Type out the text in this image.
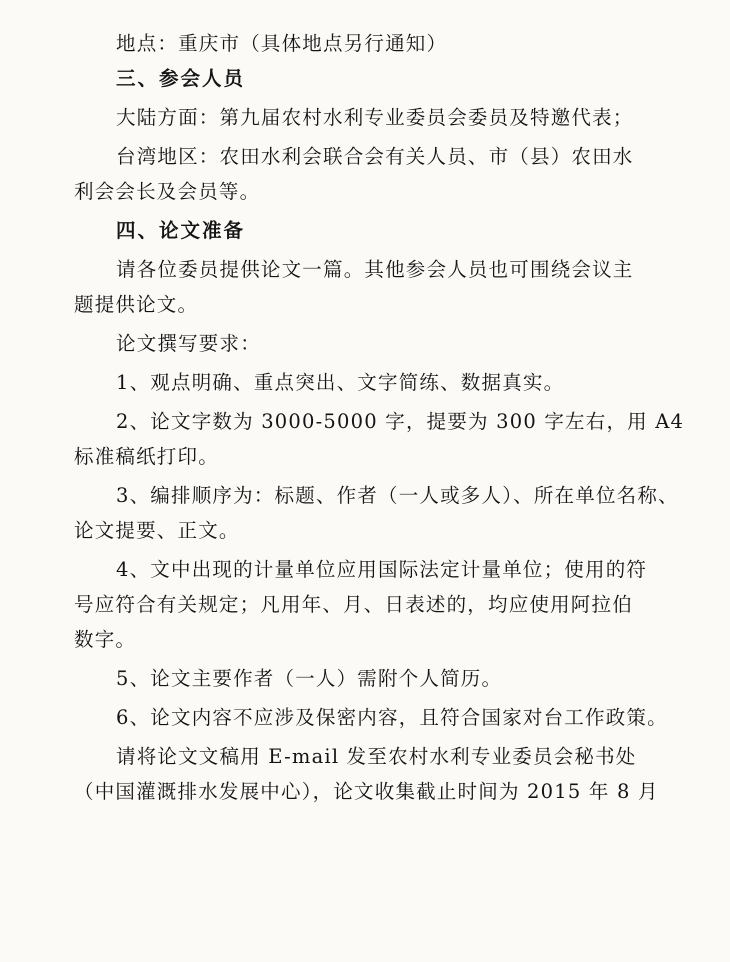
地点：重庆市（具体地点另行通知）

三、参会人员

大陆方面：第九届农村水利专业委员会委员及特邀代表；

台湾地区：农田水利会联合会有关人员、市（县）农田水

利会会长及会员等。

四、论文准备

请各位委员提供论文一篇。其他参会人员也可围绕会议主

题提供论文。

论文撰写要求：

1、观点明确、重点突出、文字简练、数据真实。

2、论文字数为 3000-5000 字，提要为 300 字左右，用 A4

标准稿纸打印。

3、编排顺序为：标题、作者（一人或多人）、所在单位名称、

论文提要、正文。

4、文中出现的计量单位应用国际法定计量单位；使用的符

号应符合有关规定；凡用年、月、日表述的，均应使用阿拉伯

数字。

5、论文主要作者（一人）需附个人简历。

6、论文内容不应涉及保密内容，且符合国家对台工作政策。

请将论文文稿用 E-mail 发至农村水利专业委员会秘书处

（中国灌溉排水发展中心），论文收集截止时间为 2015 年 8 月
